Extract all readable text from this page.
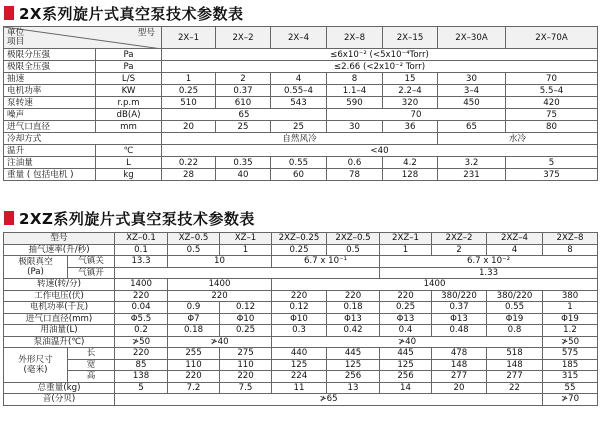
2X系列旋片式真空泵技术参数表
型号
单位
项目		2X–1	2X–2	2X–4	2X–8	2X–15	2X–30A	2X–70A
极限分压强	Pa	≤6x10⁻² (<5x10⁻⁴Torr)						
极限全压强	Pa	≤2.66 (<2x10⁻² Torr)						
抽速	L/S	1	2	4	8	15	30	70
电机功率	KW	0.25	0.37	0.55–4	1.1–4	2.2–4	3–4	5.5–4
泵转速	r.p.m	510	610	543	590	320	450	420
噪声	dB(A)	65			70			75
进气口直径	mm	20	25	25	30	36	65	80
冷却方式		自然风冷					水冷	
温升	℃	<40						
注油量	L	0.22	0.35	0.55	0.6	4.2	3.2	5
重量 ( 包括电机 )	kg	28	40	60	78	128	231	375
2XZ系列旋片式真空泵技术参数表
型号		XZ–0.1	XZ–0.5	XZ–1	2XZ–0.25	2XZ–0.5	2XZ–1	2XZ–2	2XZ–4	2XZ–8
抽气速率(升/秒)		0.1	0.5	1	0.25	0.5	1	2	4	8
极限真空
(Pa)	气镇关	13.3	10		6.7 x 10⁻¹		6.7 x 10⁻²			
	气镇开						1.33			
转速(转/分)		1400	1400		1400					
工作电压(伏)		220	220		220	220	220	380/220	380/220	380
电机功率(千瓦)		0.04	0.9	0.12	0.12	0.18	0.25	0.37	0.55	1
进气口直径(mm)		Φ5.5	Φ7	Φ10	Φ10	Φ13	Φ13	Φ13	Φ19	Φ19
用油量(L)		0.2	0.18	0.25	0.3	0.42	0.4	0.48	0.8	1.2
泵油温升(℃)		≯50	≯40		≯40					≯50
外形尺寸
(毫米)	长	220	255	275	440	445	445	478	518	575
	宽	85	110	110	125	125	125	148	148	185
	高	138	220	220	224	256	256	277	277	315
总重量(kg)		5	7.2	7.5	11	13	14	20	22	55
音(分贝)		≯65								≯70
